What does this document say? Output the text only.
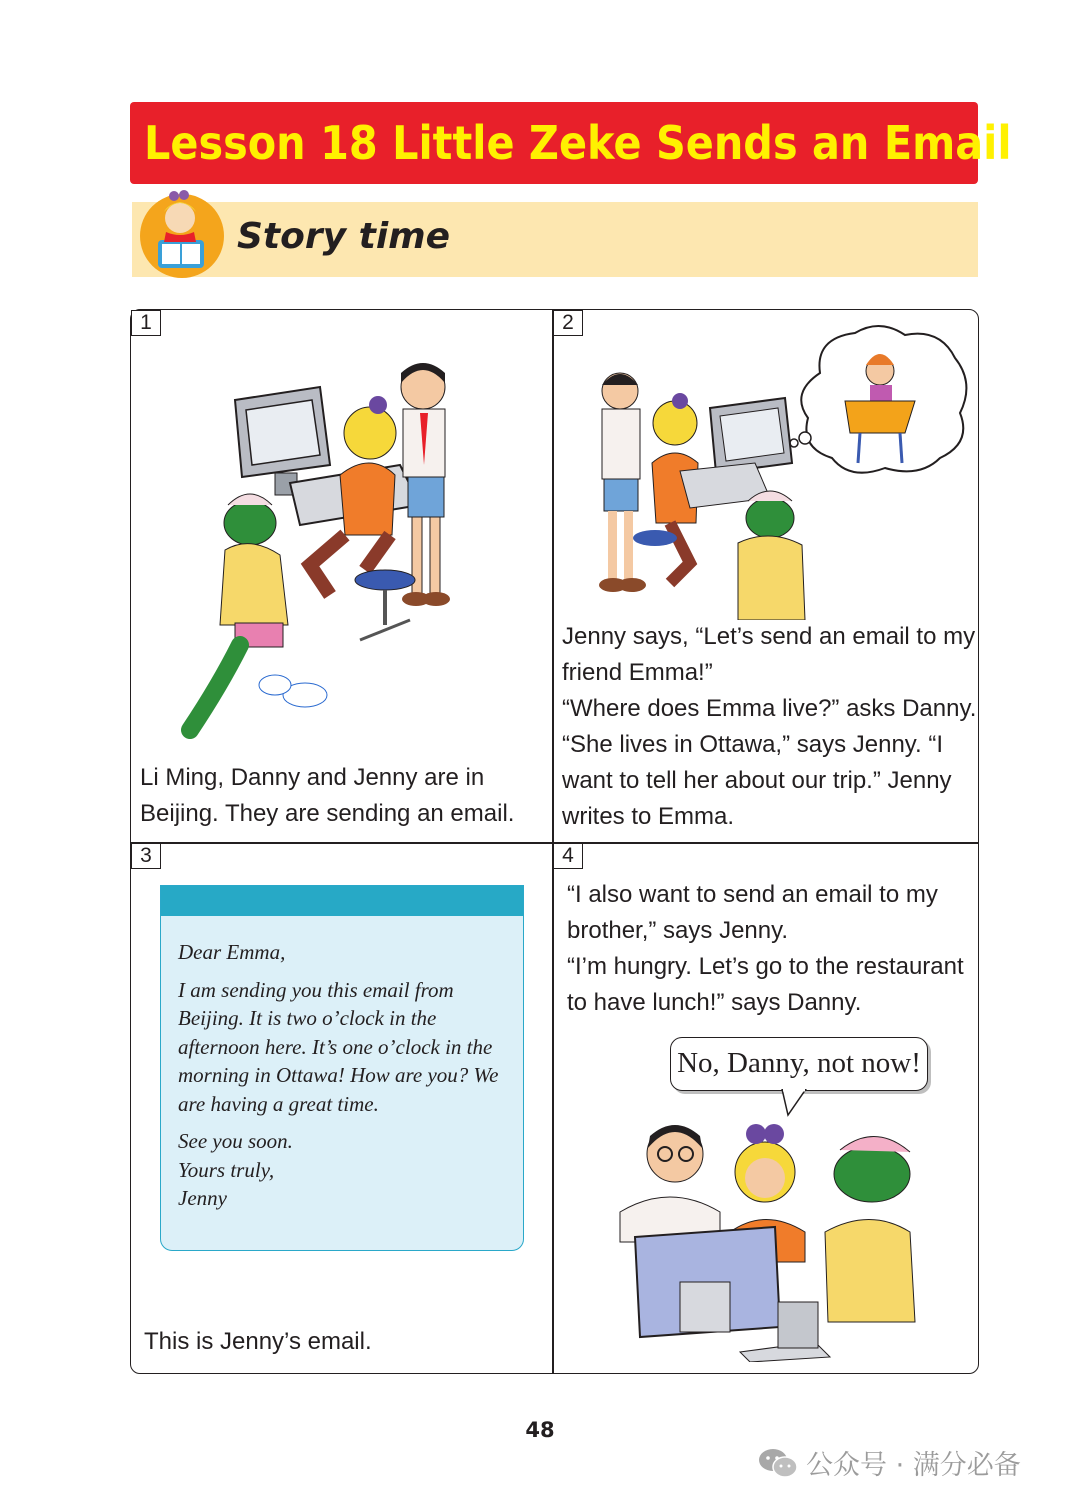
Lesson 18 Little Zeke Sends an Email
Story time
1	2
3	4

Li Ming, Danny and Jenny are in

Beijing. They are sending an email.

Jenny says, “Let’s send an email to my

friend Emma!”

“Where does Emma live?” asks Danny.

“She lives in Ottawa,” says Jenny. “I

want to tell her about our trip.” Jenny

writes to Emma.

Dear Emma,

I am sending you this email from

Beijing. It is two o’clock in the

afternoon here. It’s one o’clock in the

morning in Ottawa! How are you? We

are having a great time.

See you soon.

Yours truly,

Jenny

This is Jenny’s email.

“I also want to send an email to my

brother,” says Jenny.

“I’m hungry. Let’s go to the restaurant

to have lunch!” says Danny.

No, Danny, not now!
48
公众号 · 满分必备
